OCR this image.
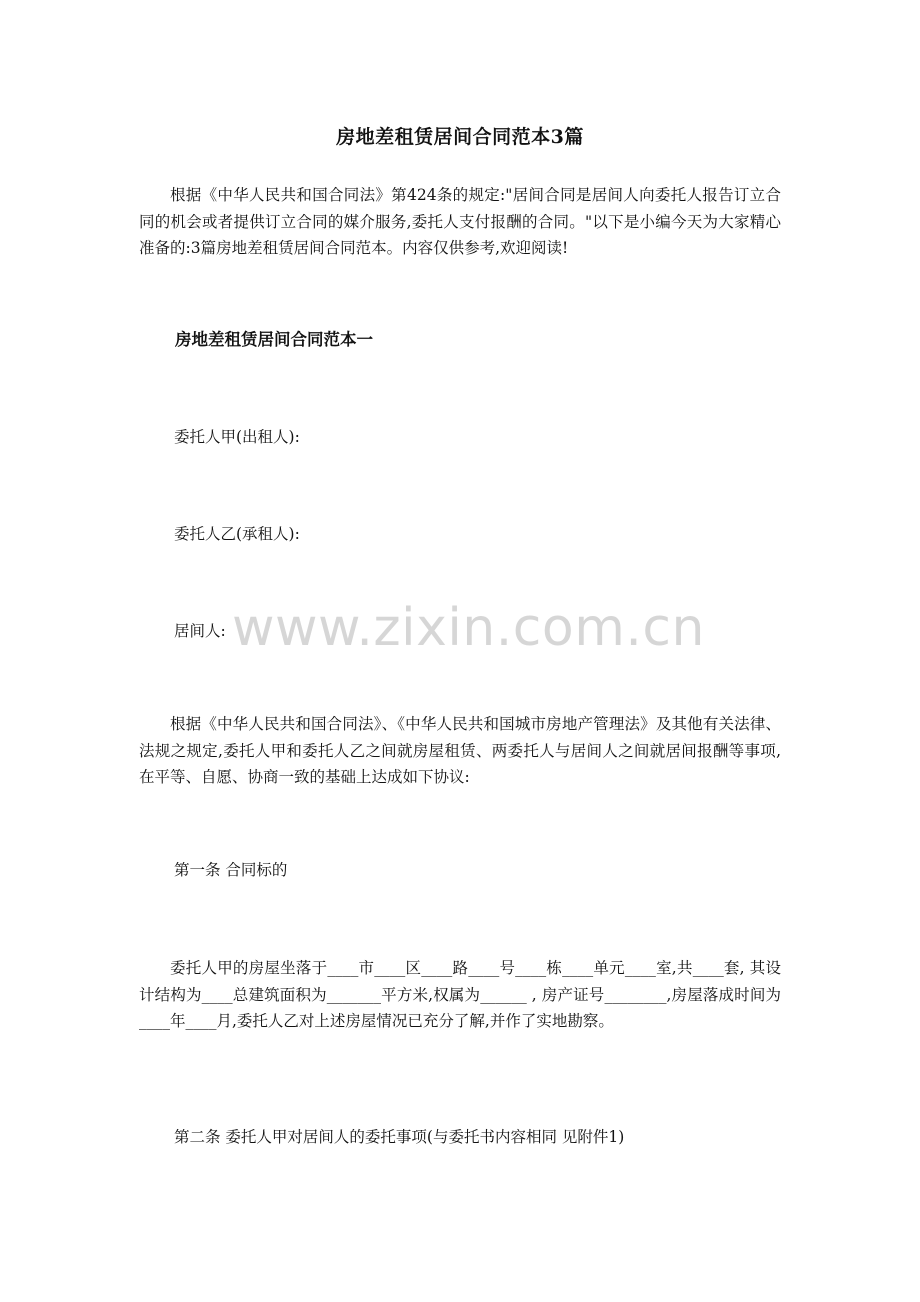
房地差租赁居间合同范本3篇
根据《中华人民共和国合同法》第424条的规定:"居间合同是居间人向委托人报告订立合同的机会或者提供订立合同的媒介服务,委托人支付报酬的合同。"以下是小编今天为大家精心准备的:3篇房地差租赁居间合同范本。内容仅供参考,欢迎阅读!
房地差租赁居间合同范本一
委托人甲(出租人):
委托人乙(承租人):
居间人:
根据《中华人民共和国合同法》、《中华人民共和国城市房地产管理法》及其他有关法律、法规之规定,委托人甲和委托人乙之间就房屋租赁、两委托人与居间人之间就居间报酬等事项,在平等、自愿、协商一致的基础上达成如下协议:
第一条 合同标的
委托人甲的房屋坐落于____市____区____路____号____栋____单元____室,共____套, 其设计结构为____总建筑面积为_______平方米,权属为______ , 房产证号________,房屋落成时间为____年____月,委托人乙对上述房屋情况已充分了解,并作了实地勘察。
第二条 委托人甲对居间人的委托事项(与委托书内容相同 见附件1)
www.zixin.com.cn
